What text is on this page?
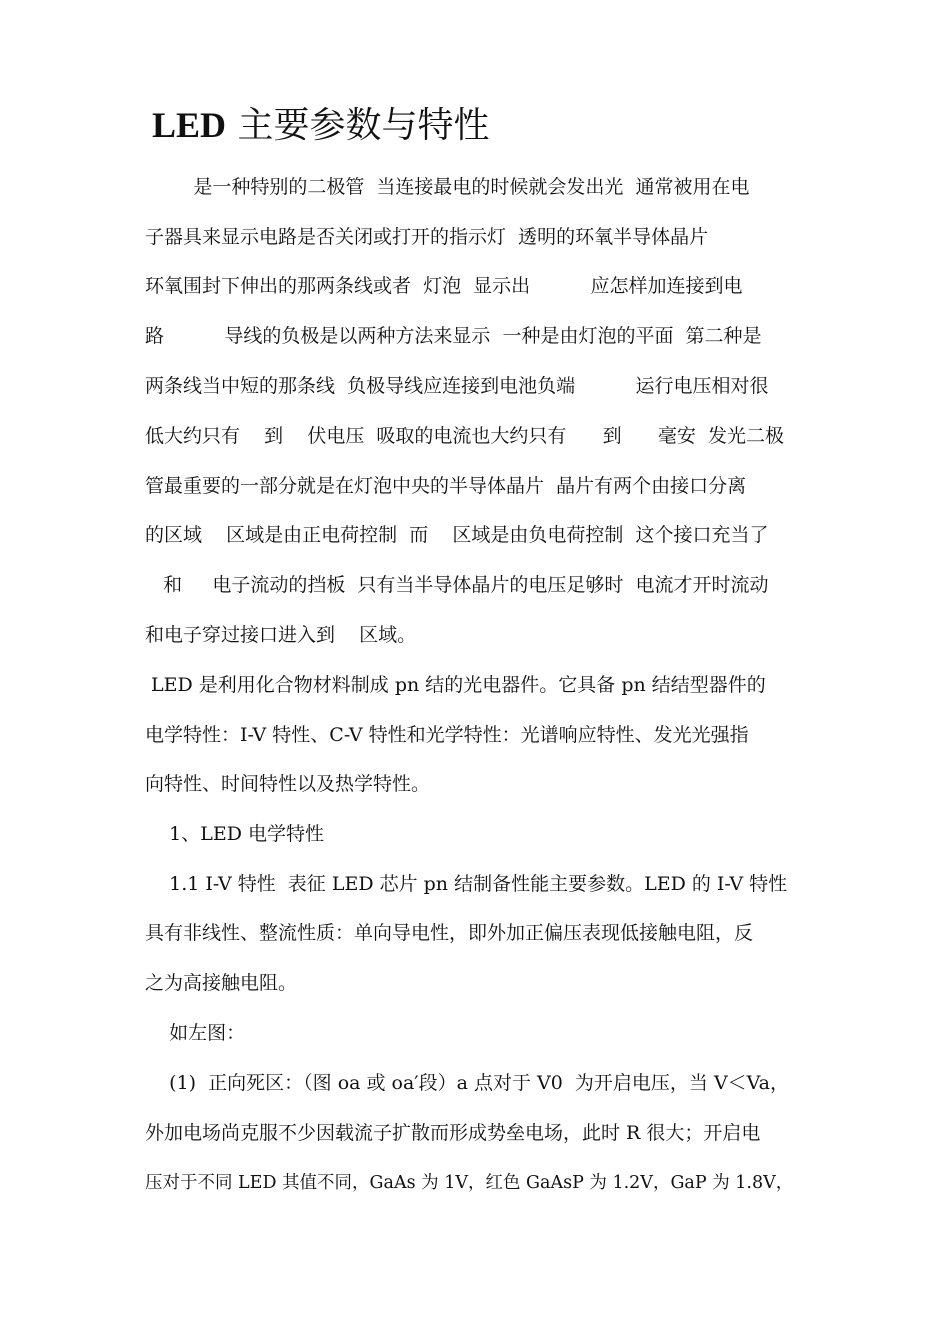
LED 主要参数与特性

是一种特别的二极管  当连接最电的时候就会发出光  通常被用在电

子器具来显示电路是否关闭或打开的指示灯  透明的环氧半导体晶片

环氧围封下伸出的那两条线或者  灯泡  显示出          应怎样加连接到电

路          导线的负极是以两种方法来显示  一种是由灯泡的平面  第二种是

两条线当中短的那条线  负极导线应连接到电池负端          运行电压相对很

低大约只有    到    伏电压  吸取的电流也大约只有      到      毫安  发光二极

管最重要的一部分就是在灯泡中央的半导体晶片  晶片有两个由接口分离

的区域    区域是由正电荷控制  而    区域是由负电荷控制  这个接口充当了

和     电子流动的挡板  只有当半导体晶片的电压足够时  电流才开时流动

和电子穿过接口进入到    区域。

LED 是利用化合物材料制成 pn 结的光电器件。它具备 pn 结结型器件的

电学特性：I-V 特性、C-V 特性和光学特性：光谱响应特性、发光光强指

向特性、时间特性以及热学特性。

1、LED 电学特性

1.1 I-V 特性  表征 LED 芯片 pn 结制备性能主要参数。LED 的 I-V 特性

具有非线性、整流性质：单向导电性，即外加正偏压表现低接触电阻，反

之为高接触电阻。

如左图：

(1)  正向死区：（图 oa 或 oa′段）a 点对于 V0  为开启电压，当 V＜Va，

外加电场尚克服不少因载流子扩散而形成势垒电场，此时 R 很大；开启电

压对于不同 LED 其值不同，GaAs 为 1V，红色 GaAsP 为 1.2V，GaP 为 1.8V，
